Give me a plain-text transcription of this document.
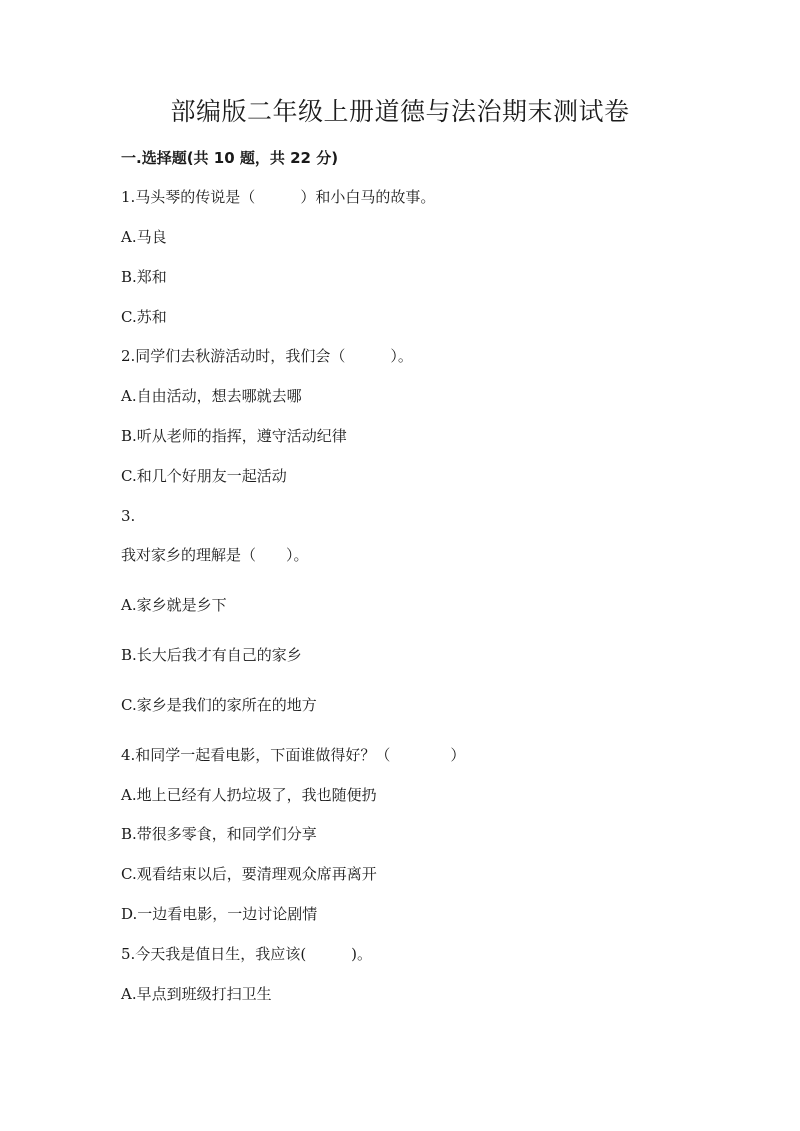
部编版二年级上册道德与法治期末测试卷
一.选择题(共 10 题，共 22 分)

1.马头琴的传说是（　　　）和小白马的故事。

A.马良

B.郑和

C.苏和

2.同学们去秋游活动时，我们会（　　　）。

A.自由活动，想去哪就去哪

B.听从老师的指挥，遵守活动纪律

C.和几个好朋友一起活动

3.

我对家乡的理解是（　　）。

A.家乡就是乡下

B.长大后我才有自己的家乡

C.家乡是我们的家所在的地方

4.和同学一起看电影，下面谁做得好？（　　　　）

A.地上已经有人扔垃圾了，我也随便扔

B.带很多零食，和同学们分享

C.观看结束以后，要清理观众席再离开

D.一边看电影，一边讨论剧情

5.今天我是值日生，我应该(　　　)。

A.早点到班级打扫卫生
